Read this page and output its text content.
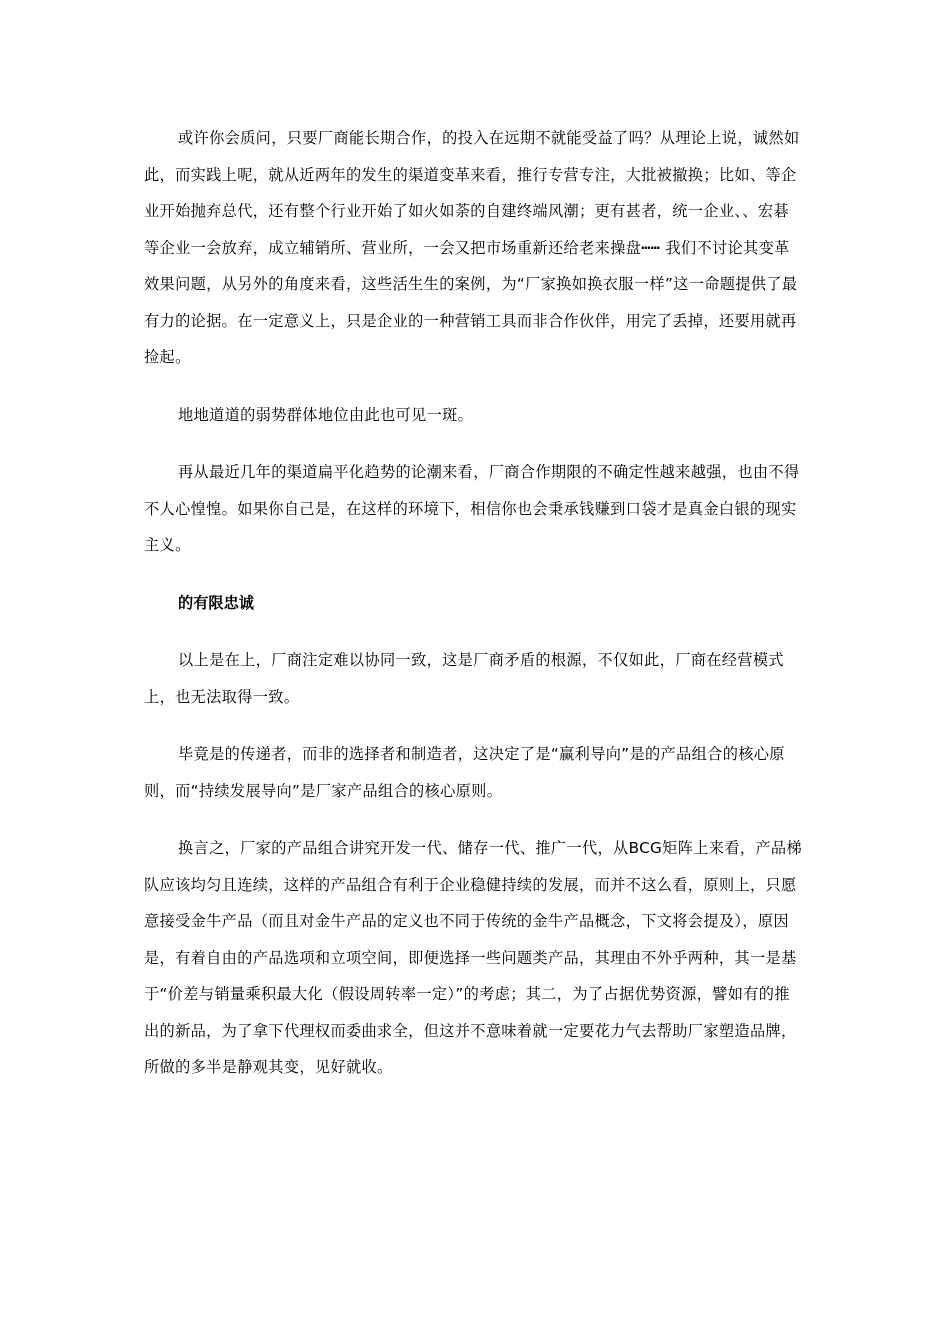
或许你会质问，只要厂商能长期合作，的投入在远期不就能受益了吗？从理论上说，诚然如此，而实践上呢，就从近两年的发生的渠道变革来看，推行专营专注，大批被撤换；比如、等企业开始抛弃总代，还有整个行业开始了如火如荼的自建终端风潮；更有甚者，统一企业、、宏碁等企业一会放弃，成立辅销所、营业所，一会又把市场重新还给老来操盘┅┅ 我们不讨论其变革效果问题，从另外的角度来看，这些活生生的案例，为“厂家换如换衣服一样”这一命题提供了最有力的论据。在一定意义上，只是企业的一种营销工具而非合作伙伴，用完了丢掉，还要用就再捡起。

地地道道的弱势群体地位由此也可见一斑。

再从最近几年的渠道扁平化趋势的论潮来看，厂商合作期限的不确定性越来越强，也由不得不人心惶惶。如果你自己是，在这样的环境下，相信你也会秉承钱赚到口袋才是真金白银的现实主义。

的有限忠诚

以上是在上，厂商注定难以协同一致，这是厂商矛盾的根源，不仅如此，厂商在经营模式上，也无法取得一致。

毕竟是的传递者，而非的选择者和制造者，这决定了是“赢利导向”是的产品组合的核心原则，而“持续发展导向”是厂家产品组合的核心原则。

换言之，厂家的产品组合讲究开发一代、储存一代、推广一代，从BCG矩阵上来看，产品梯队应该均匀且连续，这样的产品组合有利于企业稳健持续的发展，而并不这么看，原则上，只愿意接受金牛产品（而且对金牛产品的定义也不同于传统的金牛产品概念，下文将会提及），原因是，有着自由的产品选项和立项空间，即便选择一些问题类产品，其理由不外乎两种，其一是基于“价差与销量乘积最大化（假设周转率一定）”的考虑；其二，为了占据优势资源，譬如有的推出的新品，为了拿下代理权而委曲求全，但这并不意味着就一定要花力气去帮助厂家塑造品牌，所做的多半是静观其变，见好就收。
